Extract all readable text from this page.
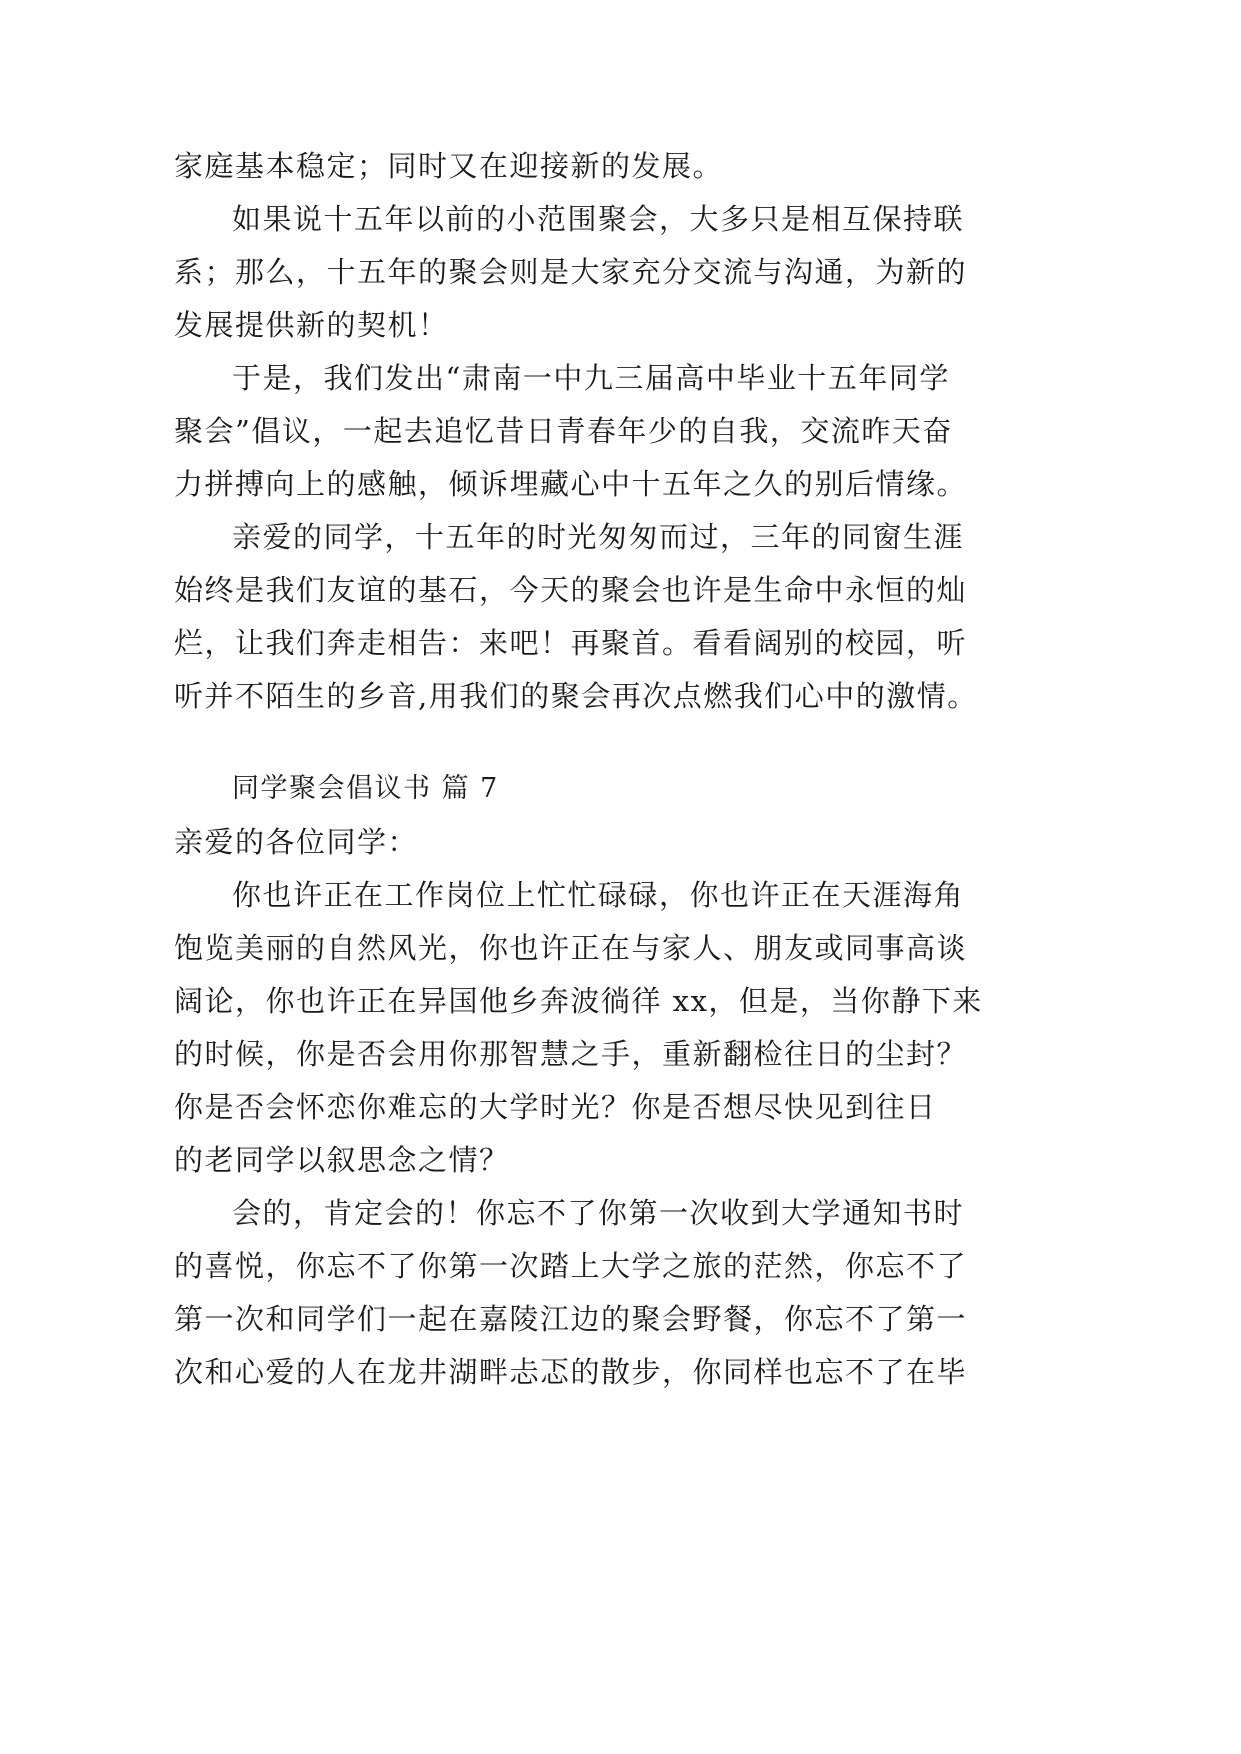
家庭基本稳定；同时又在迎接新的发展。
如果说十五年以前的小范围聚会，大多只是相互保持联
系；那么，十五年的聚会则是大家充分交流与沟通，为新的
发展提供新的契机！
于是，我们发出“肃南一中九三届高中毕业十五年同学
聚会”倡议，一起去追忆昔日青春年少的自我，交流昨天奋
力拼搏向上的感触，倾诉埋藏心中十五年之久的别后情缘。
亲爱的同学，十五年的时光匆匆而过，三年的同窗生涯
始终是我们友谊的基石，今天的聚会也许是生命中永恒的灿
烂，让我们奔走相告：来吧！再聚首。看看阔别的校园，听
听并不陌生的乡音,用我们的聚会再次点燃我们心中的激情。
同学聚会倡议书 篇 7
亲爱的各位同学：
你也许正在工作岗位上忙忙碌碌，你也许正在天涯海角
饱览美丽的自然风光，你也许正在与家人、朋友或同事高谈
阔论，你也许正在异国他乡奔波徜徉 xx，但是，当你静下来
的时候，你是否会用你那智慧之手，重新翻检往日的尘封？
你是否会怀恋你难忘的大学时光？你是否想尽快见到往日
的老同学以叙思念之情？
会的，肯定会的！你忘不了你第一次收到大学通知书时
的喜悦，你忘不了你第一次踏上大学之旅的茫然，你忘不了
第一次和同学们一起在嘉陵江边的聚会野餐，你忘不了第一
次和心爱的人在龙井湖畔忐忑的散步，你同样也忘不了在毕
